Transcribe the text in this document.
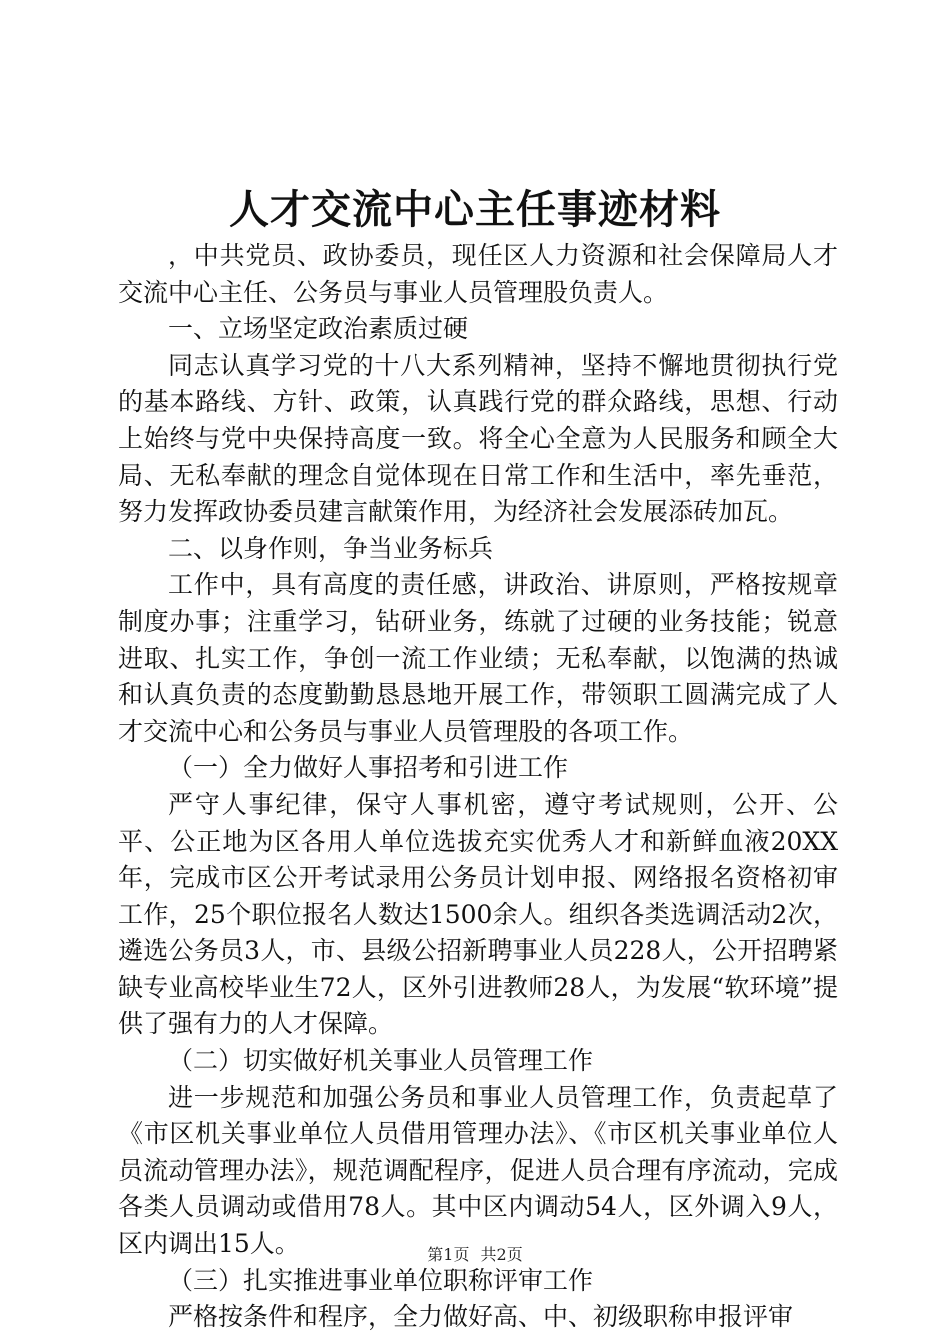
人才交流中心主任事迹材料

，中共党员、政协委员，现任区人力资源和社会保障局人才交流中心主任、公务员与事业人员管理股负责人。

一、立场坚定政治素质过硬

同志认真学习党的十八大系列精神，坚持不懈地贯彻执行党的基本路线、方针、政策，认真践行党的群众路线，思想、行动上始终与党中央保持高度一致。将全心全意为人民服务和顾全大局、无私奉献的理念自觉体现在日常工作和生活中，率先垂范，努力发挥政协委员建言献策作用，为经济社会发展添砖加瓦。

二、以身作则，争当业务标兵

工作中，具有高度的责任感，讲政治、讲原则，严格按规章制度办事；注重学习，钻研业务，练就了过硬的业务技能；锐意进取、扎实工作，争创一流工作业绩；无私奉献，以饱满的热诚和认真负责的态度勤勤恳恳地开展工作，带领职工圆满完成了人才交流中心和公务员与事业人员管理股的各项工作。

（一）全力做好人事招考和引进工作

严守人事纪律，保守人事机密，遵守考试规则，公开、公平、公正地为区各用人单位选拔充实优秀人才和新鲜血液20XX年，完成市区公开考试录用公务员计划申报、网络报名资格初审工作，25个职位报名人数达1500余人。组织各类选调活动2次，遴选公务员3人，市、县级公招新聘事业人员228人，公开招聘紧缺专业高校毕业生72人，区外引进教师28人，为发展“软环境”提供了强有力的人才保障。

（二）切实做好机关事业人员管理工作

进一步规范和加强公务员和事业人员管理工作，负责起草了《市区机关事业单位人员借用管理办法》、《市区机关事业单位人员流动管理办法》，规范调配程序，促进人员合理有序流动，完成各类人员调动或借用78人。其中区内调动54人，区外调入9人，区内调出15人。

（三）扎实推进事业单位职称评审工作

严格按条件和程序，全力做好高、中、初级职称申报评审

第1页 共2页
